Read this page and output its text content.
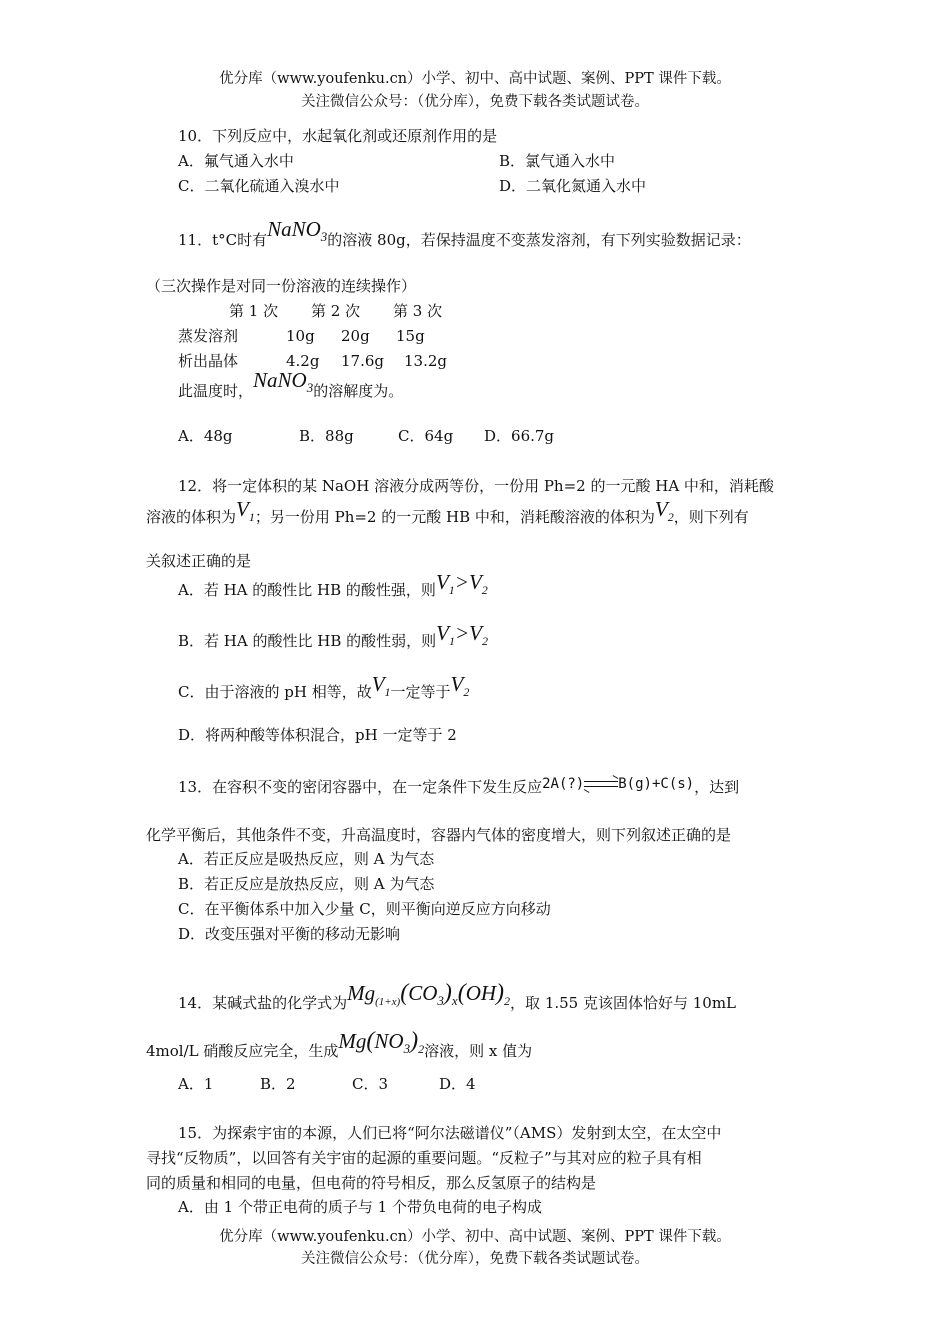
优分库（www.youfenku.cn）小学、初中、高中试题、案例、PPT 课件下载。
关注微信公众号：（优分库），免费下载各类试题试卷。
10．下列反应中，水起氧化剂或还原剂作用的是
A．氟气通入水中	B．氯气通入水中
C．二氧化硫通入溴水中	D．二氧化氮通入水中
11．t°C时有NaNO$_3$的溶液 80g，若保持温度不变蒸发溶剂，有下列实验数据记录：
（三次操作是对同一份溶液的连续操作）
第 1 次 第 2 次 第 3 次
蒸发溶剂	10g 20g 15g
析出晶体	4.2g 17.6g 13.2g
此温度时，NaNO$_3$的溶解度为。
A．48g	B．88g	C．64g D．66.7g
12．将一定体积的某 NaOH 溶液分成两等份，一份用 Ph=2 的一元酸 HA 中和，消耗酸
溶液的体积为$V_1$；另一份用 Ph=2 的一元酸 HB 中和，消耗酸溶液的体积为$V_2$，则下列有
关叙述正确的是
A．若 HA 的酸性比 HB 的酸性强，则$V_1>V_2$
B．若 HA 的酸性比 HB 的酸性弱，则$V_1>V_2$
C．由于溶液的 pH 相等，故$V_1$一定等于$V_2$
D．将两种酸等体积混合，pH 一定等于 2
13．在容积不变的密闭容器中，在一定条件下发生反应2A(?) B(g)+C(s)，达到
化学平衡后，其他条件不变，升高温度时，容器内气体的密度增大，则下列叙述正确的是
A．若正反应是吸热反应，则 A 为气态
B．若正反应是放热反应，则 A 为气态
C．在平衡体系中加入少量 C，则平衡向逆反应方向移动
D．改变压强对平衡的移动无影响
14．某碱式盐的化学式为$Mg_{(1+x)}(CO_3)_x(OH)_2$，取 1.55 克该固体恰好与 10mL
4mol/L 硝酸反应完全，生成$Mg(NO_3)_2$溶液，则 x 值为
A．1	B．2	C．3	D．4
15．为探索宇宙的本源，人们已将“阿尔法磁谱仪”（AMS）发射到太空，在太空中
寻找“反物质”，以回答有关宇宙的起源的重要问题。“反粒子”与其对应的粒子具有相
同的质量和相同的电量，但电荷的符号相反，那么反氢原子的结构是
A．由 1 个带正电荷的质子与 1 个带负电荷的电子构成
优分库（www.youfenku.cn）小学、初中、高中试题、案例、PPT 课件下载。
关注微信公众号：（优分库），免费下载各类试题试卷。
